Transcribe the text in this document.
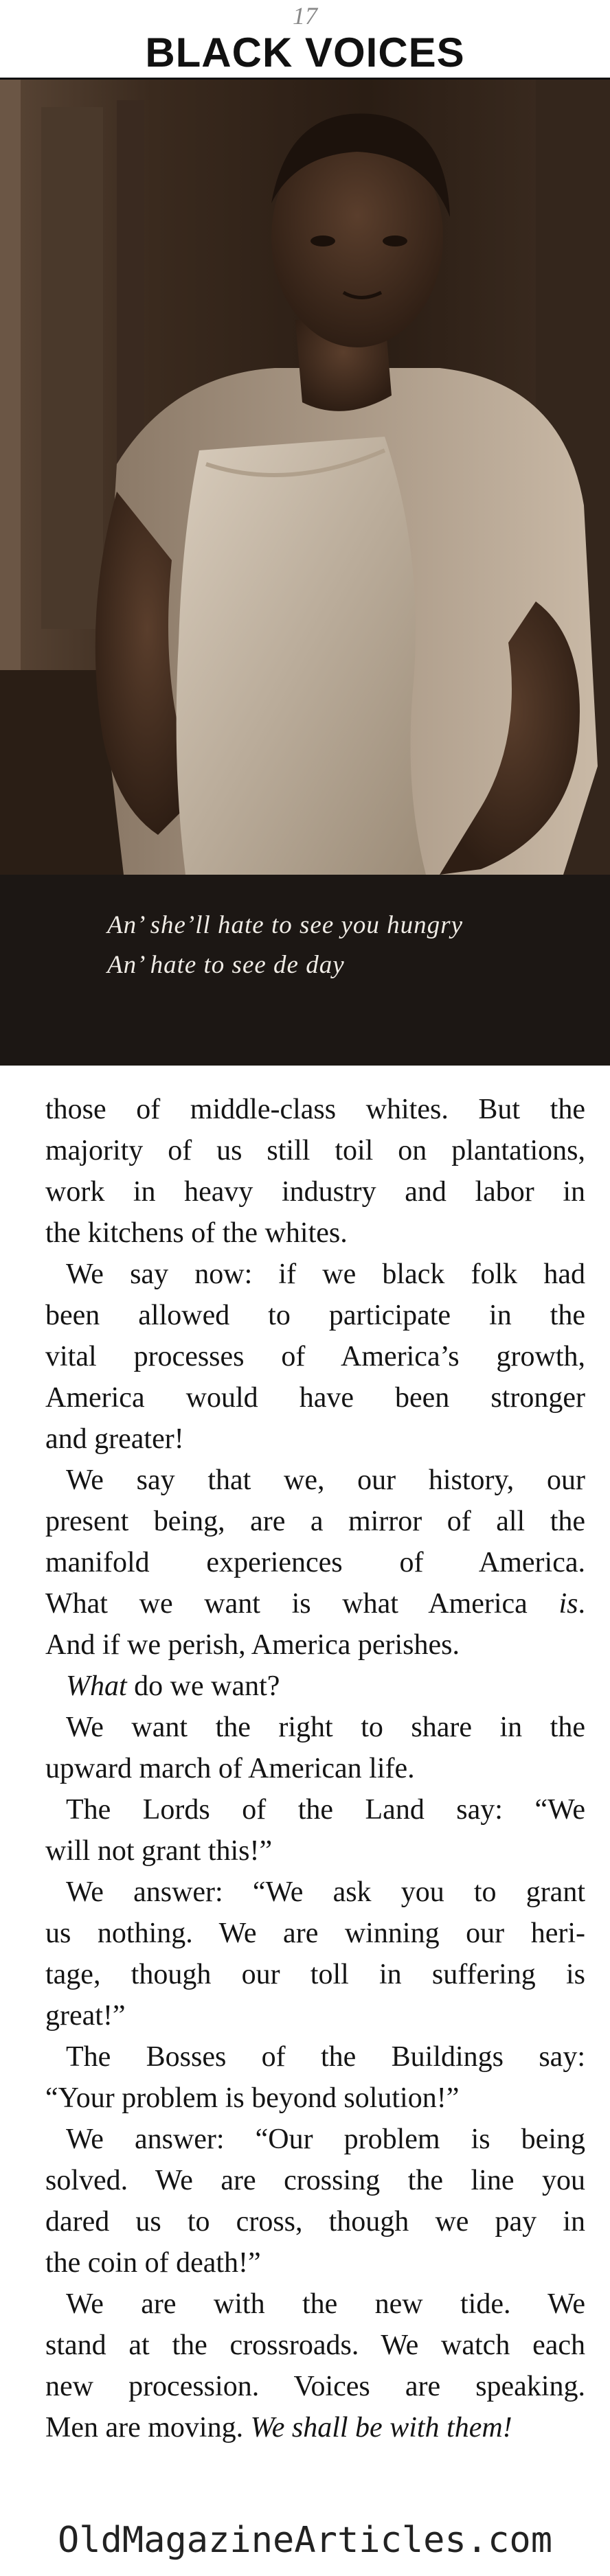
17
BLACK VOICES

An’ she’ll hate to see you hungry

An’ hate to see de day

those of middle-class whites. But the

majority of us still toil on plantations,

work in heavy industry and labor in

the kitchens of the whites.

We say now: if we black folk had

been allowed to participate in the

vital processes of America’s growth,

America would have been stronger

and greater!

We say that we, our history, our

present being, are a mirror of all the

manifold experiences of America.

What we want is what America is.

And if we perish, America perishes.

What do we want?

We want the right to share in the

upward march of American life.

The Lords of the Land say: “We

will not grant this!”

We answer: “We ask you to grant

us nothing. We are winning our heri-

tage, though our toll in suffering is

great!”

The Bosses of the Buildings say:

“Your problem is beyond solution!”

We answer: “Our problem is being

solved. We are crossing the line you

dared us to cross, though we pay in

the coin of death!”

We are with the new tide. We

stand at the crossroads. We watch each

new procession. Voices are speaking.

Men are moving. We shall be with them!

OldMagazineArticles.com
